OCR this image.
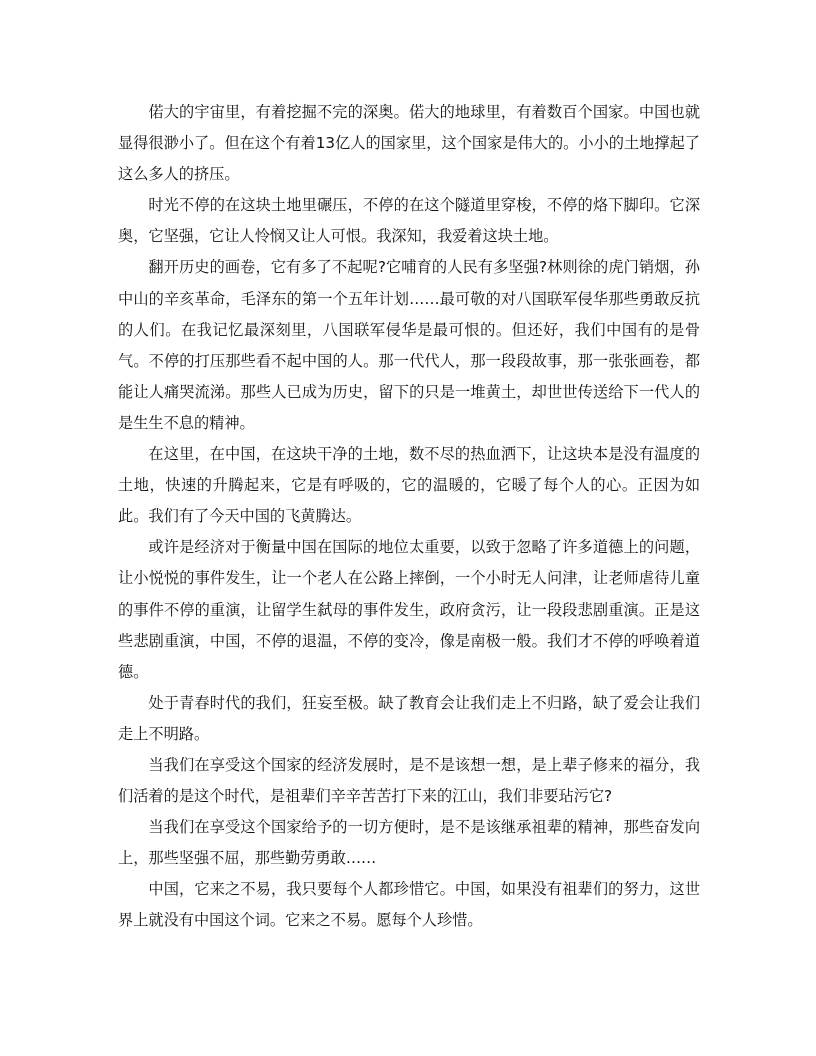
偌大的宇宙里，有着挖掘不完的深奥。偌大的地球里，有着数百个国家。中国也就显得很渺小了。但在这个有着13亿人的国家里，这个国家是伟大的。小小的土地撑起了这么多人的挤压。

时光不停的在这块土地里碾压，不停的在这个隧道里穿梭，不停的烙下脚印。它深奥，它坚强，它让人怜悯又让人可恨。我深知，我爱着这块土地。

翻开历史的画卷，它有多了不起呢?它哺育的人民有多坚强?林则徐的虎门销烟，孙中山的辛亥革命，毛泽东的第一个五年计划……最可敬的对八国联军侵华那些勇敢反抗的人们。在我记忆最深刻里，八国联军侵华是最可恨的。但还好，我们中国有的是骨气。不停的打压那些看不起中国的人。那一代代人，那一段段故事，那一张张画卷，都能让人痛哭流涕。那些人已成为历史，留下的只是一堆黄土，却世世传送给下一代人的是生生不息的精神。

在这里，在中国，在这块干净的土地，数不尽的热血洒下，让这块本是没有温度的土地，快速的升腾起来，它是有呼吸的，它的温暖的，它暖了每个人的心。正因为如此。我们有了今天中国的飞黄腾达。

或许是经济对于衡量中国在国际的地位太重要，以致于忽略了许多道德上的问题，让小悦悦的事件发生，让一个老人在公路上摔倒，一个小时无人问津，让老师虐待儿童的事件不停的重演，让留学生弑母的事件发生，政府贪污，让一段段悲剧重演。正是这些悲剧重演，中国，不停的退温，不停的变冷，像是南极一般。我们才不停的呼唤着道德。

处于青春时代的我们，狂妄至极。缺了教育会让我们走上不归路，缺了爱会让我们走上不明路。

当我们在享受这个国家的经济发展时，是不是该想一想，是上辈子修来的福分，我们活着的是这个时代，是祖辈们辛辛苦苦打下来的江山，我们非要玷污它?

当我们在享受这个国家给予的一切方便时，是不是该继承祖辈的精神，那些奋发向上，那些坚强不屈，那些勤劳勇敢……

中国，它来之不易，我只要每个人都珍惜它。中国，如果没有祖辈们的努力，这世界上就没有中国这个词。它来之不易。愿每个人珍惜。
